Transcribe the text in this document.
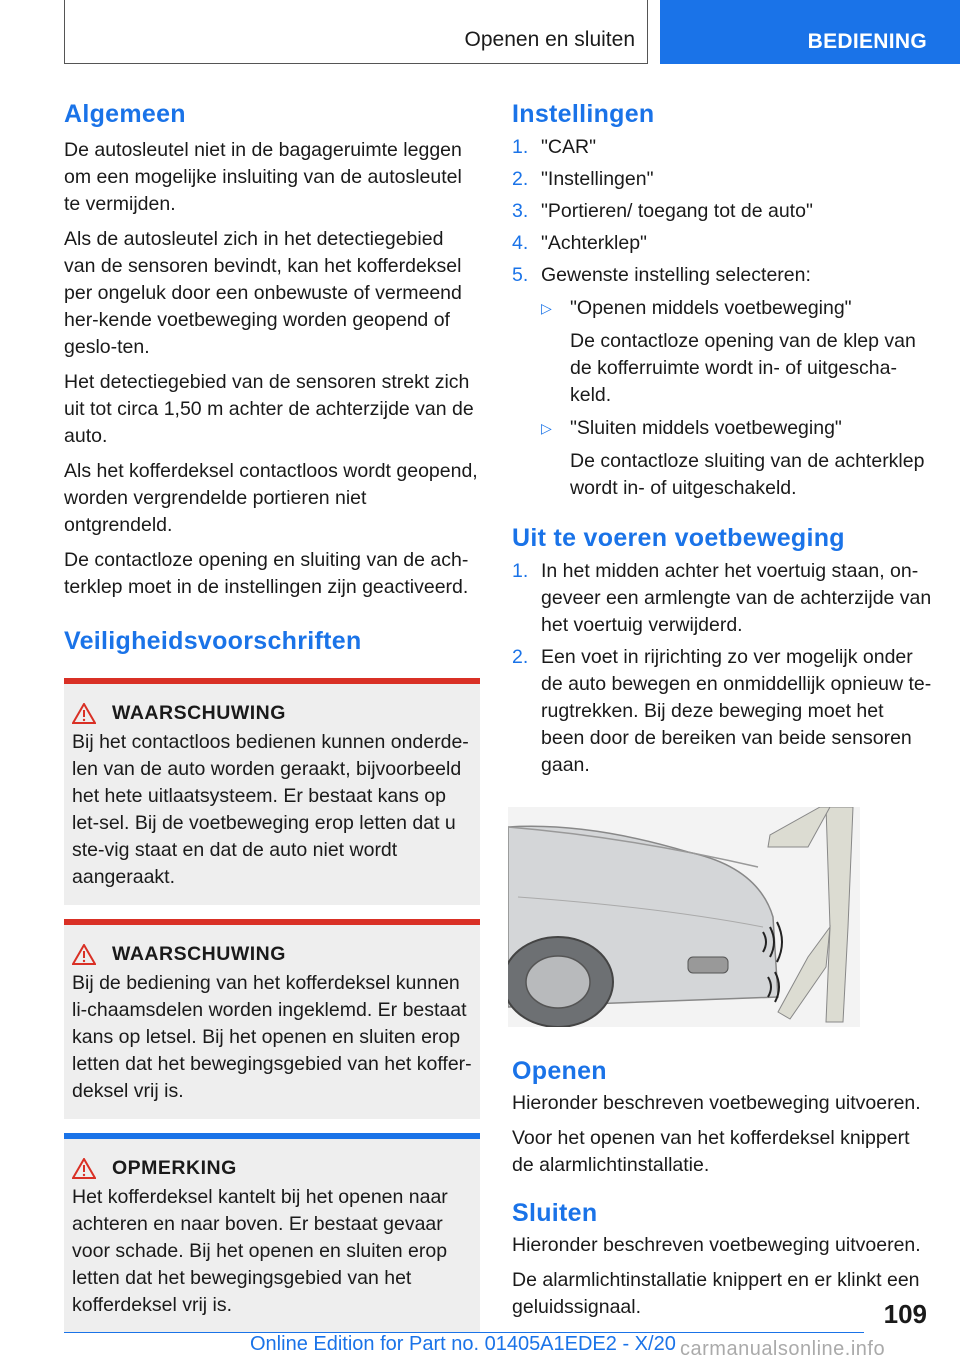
Openen en sluiten	BEDIENING
Algemeen

De autosleutel niet in de bagageruimte leggen om een mogelijke insluiting van de autosleutel te vermijden.

Als de autosleutel zich in het detectiegebied van de sensoren bevindt, kan het kofferdeksel per ongeluk door een onbewuste of vermeend her-kende voetbeweging worden geopend of geslo-ten.

Het detectiegebied van de sensoren strekt zich uit tot circa 1,50 m achter de achterzijde van de auto.

Als het kofferdeksel contactloos wordt geopend, worden vergrendelde portieren niet ontgrendeld.

De contactloze opening en sluiting van de ach-terklep moet in de instellingen zijn geactiveerd.

Veiligheidsvoorschriften
WAARSCHUWING

Bij het contactloos bedienen kunnen onderde-len van de auto worden geraakt, bijvoorbeeld het hete uitlaatsysteem. Er bestaat kans op let-sel. Bij de voetbeweging erop letten dat u ste-vig staat en dat de auto niet wordt aangeraakt.

WAARSCHUWING

Bij de bediening van het kofferdeksel kunnen li-chaamsdelen worden ingeklemd. Er bestaat kans op letsel. Bij het openen en sluiten erop letten dat het bewegingsgebied van het koffer-deksel vrij is.

OPMERKING

Het kofferdeksel kantelt bij het openen naar achteren en naar boven. Er bestaat gevaar voor schade. Bij het openen en sluiten erop letten dat het bewegingsgebied van het kofferdeksel vrij is.

Instellingen
1. "CAR"
2. "Instellingen"
3. "Portieren/ toegang tot de auto"
4. "Achterklep"
5. Gewenste instelling selecteren:
▷ "Openen middels voetbeweging"
De contactloze opening van de klep van de kofferruimte wordt in- of uitgescha-keld.
▷ "Sluiten middels voetbeweging"
De contactloze sluiting van de achterklep wordt in- of uitgeschakeld.
Uit te voeren voetbeweging
1. In het midden achter het voertuig staan, on-geveer een armlengte van de achterzijde van het voertuig verwijderd.
2. Een voet in rijrichting zo ver mogelijk onder de auto bewegen en onmiddellijk opnieuw te-rugtrekken. Bij deze beweging moet het been door de bereiken van beide sensoren gaan.
Openen

Hieronder beschreven voetbeweging uitvoeren.

Voor het openen van het kofferdeksel knippert de alarmlichtinstallatie.

Sluiten

Hieronder beschreven voetbeweging uitvoeren.

De alarmlichtinstallatie knippert en er klinkt een geluidssignaal.	109
Online Edition for Part no. 01405A1EDE2 - X/20 carmanualsonline.info
